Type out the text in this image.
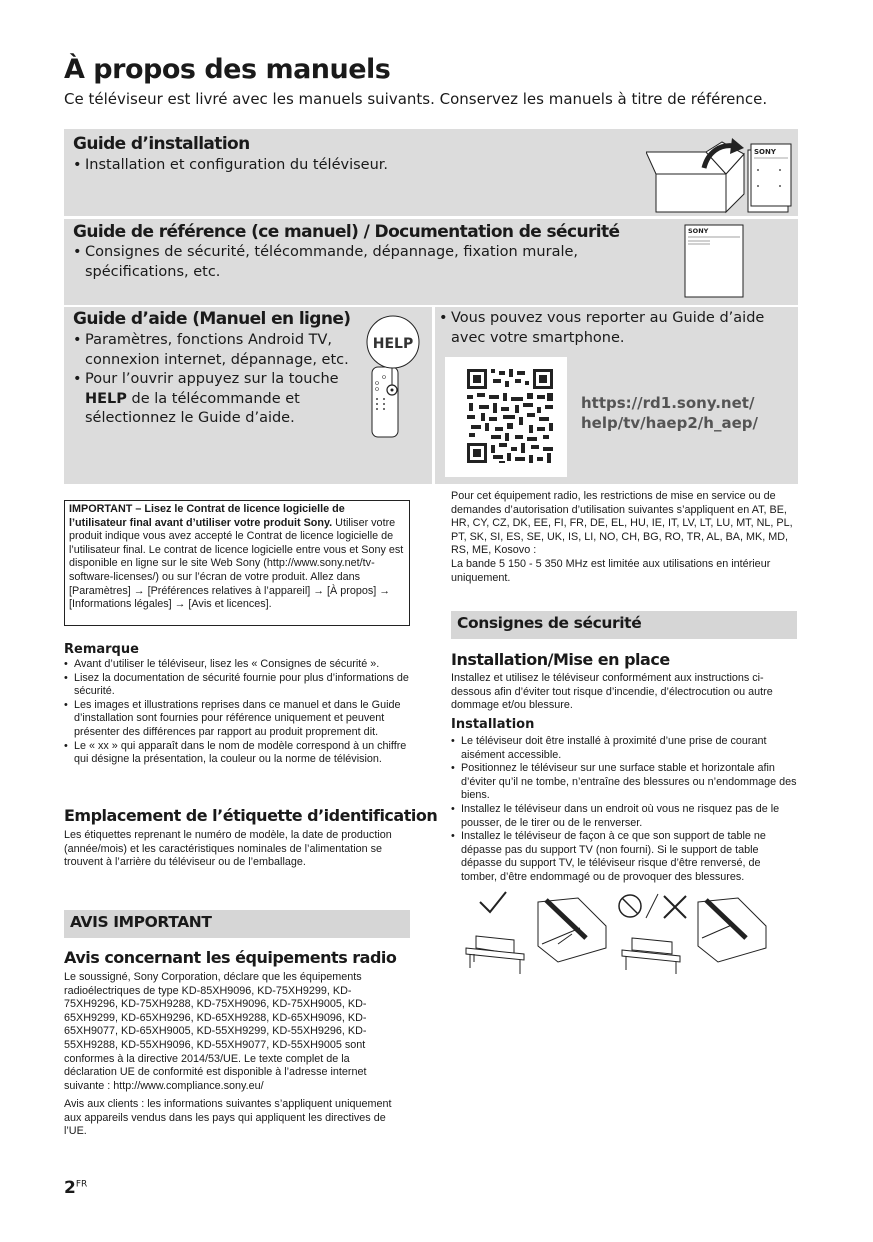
À propos des manuels
Ce téléviseur est livré avec les manuels suivants. Conservez les manuels à titre de référence.
Guide d’installation
• Installation et configuration du téléviseur.
SONY
Guide de référence (ce manuel) / Documentation de sécurité
• Consignes de sécurité, télécommande, dépannage, fixation murale, spécifications, etc.
SONY
Guide d’aide (Manuel en ligne)
• Paramètres, fonctions Android TV, connexion internet, dépannage, etc.
• Pour l’ouvrir appuyez sur la touche HELP de la télécommande et sélectionnez le Guide d’aide.
HELP
• Vous pouvez vous reporter au Guide d’aide avec votre smartphone.
https://rd1.sony.net/
help/tv/haep2/h_aep/
IMPORTANT – Lisez le Contrat de licence logicielle de l’utilisateur final avant d’utiliser votre produit Sony. Utiliser votre produit indique vous avez accepté le Contrat de licence logicielle de l’utilisateur final. Le contrat de licence logicielle entre vous et Sony est disponible en ligne sur le site Web Sony (http://www.sony.net/tv-software-licenses/) ou sur l’écran de votre produit. Allez dans [Paramètres] → [Préférences relatives à l’appareil] → [À propos] → [Informations légales] → [Avis et licences].
Remarque
• Avant d’utiliser le téléviseur, lisez les « Consignes de sécurité ».
• Lisez la documentation de sécurité fournie pour plus d’informations de sécurité.
• Les images et illustrations reprises dans ce manuel et dans le Guide d’installation sont fournies pour référence uniquement et peuvent présenter des différences par rapport au produit proprement dit.
• Le « xx » qui apparaît dans le nom de modèle correspond à un chiffre qui désigne la présentation, la couleur ou la norme de télévision.
Emplacement de l’étiquette d’identification
Les étiquettes reprenant le numéro de modèle, la date de production (année/mois) et les caractéristiques nominales de l’alimentation se trouvent à l’arrière du téléviseur ou de l’emballage.
AVIS IMPORTANT
Avis concernant les équipements radio
Le soussigné, Sony Corporation, déclare que les équipements radioélectriques de type KD-85XH9096, KD-75XH9299, KD-75XH9296, KD-75XH9288, KD-75XH9096, KD-75XH9005, KD-65XH9299, KD-65XH9296, KD-65XH9288, KD-65XH9096, KD-65XH9077, KD-65XH9005, KD-55XH9299, KD-55XH9296, KD-55XH9288, KD-55XH9096, KD-55XH9077, KD-55XH9005 sont conformes à la directive 2014/53/UE. Le texte complet de la déclaration UE de conformité est disponible à l’adresse internet suivante : http://www.compliance.sony.eu/
Avis aux clients : les informations suivantes s’appliquent uniquement aux appareils vendus dans les pays qui appliquent les directives de l’UE.
Pour cet équipement radio, les restrictions de mise en service ou de demandes d’autorisation d’utilisation suivantes s’appliquent en AT, BE, HR, CY, CZ, DK, EE, FI, FR, DE, EL, HU, IE, IT, LV, LT, LU, MT, NL, PL, PT, SK, SI, ES, SE, UK, IS, LI, NO, CH, BG, RO, TR, AL, BA, MK, MD, RS, ME, Kosovo :
La bande 5 150 - 5 350 MHz est limitée aux utilisations en intérieur uniquement.
Consignes de sécurité
Installation/Mise en place
Installez et utilisez le téléviseur conformément aux instructions ci-dessous afin d’éviter tout risque d’incendie, d’électrocution ou autre dommage et/ou blessure.
Installation
• Le téléviseur doit être installé à proximité d’une prise de courant aisément accessible.
• Positionnez le téléviseur sur une surface stable et horizontale afin d’éviter qu’il ne tombe, n’entraîne des blessures ou n’endommage des biens.
• Installez le téléviseur dans un endroit où vous ne risquez pas de le pousser, de le tirer ou de le renverser.
• Installez le téléviseur de façon à ce que son support de table ne dépasse pas du support TV (non fourni). Si le support de table dépasse du support TV, le téléviseur risque d’être renversé, de tomber, d’être endommagé ou de provoquer des blessures.
$2^{FR}$
